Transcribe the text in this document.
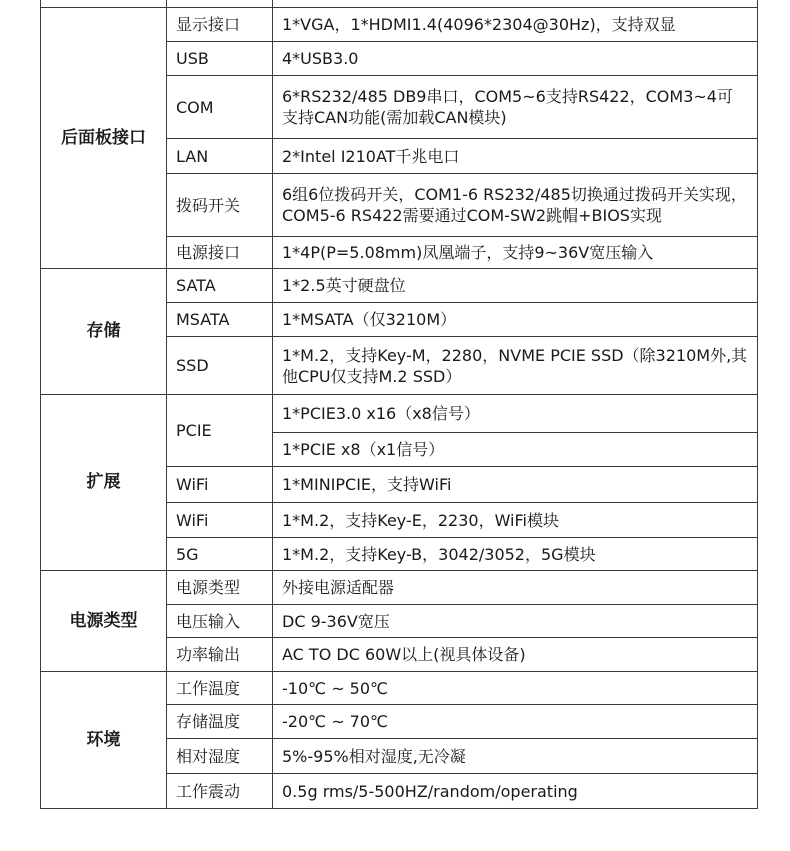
后面板接口	显示接口	1*VGA，1*HDMI1.4(4096*2304@30Hz)，支持双显
	USB	4*USB3.0
	COM	6*RS232/485 DB9串口，COM5~6支持RS422，COM3~4可支持CAN功能(需加载CAN模块)
	LAN	2*Intel I210AT千兆电口
	拨码开关	6组6位拨码开关，COM1-6 RS232/485切换通过拨码开关实现，COM5-6 RS422需要通过COM-SW2跳帽+BIOS实现
	电源接口	1*4P(P=5.08mm)凤凰端子，支持9~36V宽压输入
存储	SATA	1*2.5英寸硬盘位
	MSATA	1*MSATA（仅3210M）
	SSD	1*M.2，支持Key-M，2280，NVME PCIE SSD（除3210M外,其他CPU仅支持M.2 SSD）
扩展	PCIE	1*PCIE3.0 x16（x8信号）
		1*PCIE x8（x1信号）
	WiFi	1*MINIPCIE，支持WiFi
	WiFi	1*M.2，支持Key-E，2230，WiFi模块
	5G	1*M.2，支持Key-B，3042/3052，5G模块
电源类型	电源类型	外接电源适配器
	电压输入	DC 9-36V宽压
	功率输出	AC TO DC 60W以上(视具体设备)
环境	工作温度	-10℃ ~ 50℃
	存储温度	-20℃ ~ 70℃
	相对湿度	5%-95%相对湿度,无冷凝
	工作震动	0.5g rms/5-500HZ/random/operating
